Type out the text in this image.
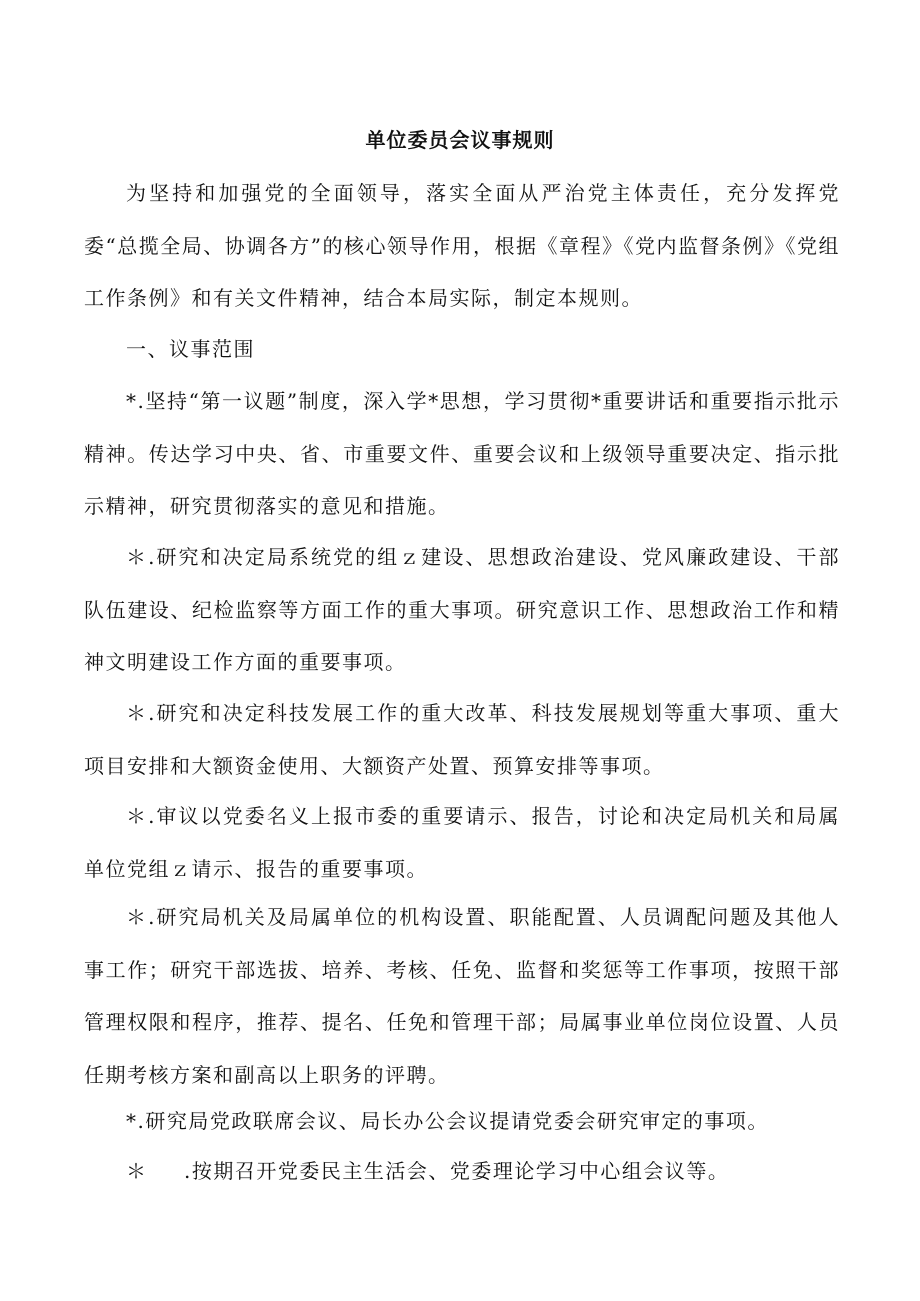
单位委员会议事规则

为坚持和加强党的全面领导，落实全面从严治党主体责任，充分发挥党委“总揽全局、协调各方”的核心领导作用，根据《章程》《党内监督条例》《党组工作条例》和有关文件精神，结合本局实际，制定本规则。

一、议事范围

*.坚持“第一议题”制度，深入学*思想，学习贯彻*重要讲话和重要指示批示精神。传达学习中央、省、市重要文件、重要会议和上级领导重要决定、指示批示精神，研究贯彻落实的意见和措施。

＊.研究和决定局系统党的组ｚ建设、思想政治建设、党风廉政建设、干部队伍建设、纪检监察等方面工作的重大事项。研究意识工作、思想政治工作和精神文明建设工作方面的重要事项。

＊.研究和决定科技发展工作的重大改革、科技发展规划等重大事项、重大项目安排和大额资金使用、大额资产处置、预算安排等事项。

＊.审议以党委名义上报市委的重要请示、报告，讨论和决定局机关和局属单位党组ｚ请示、报告的重要事项。

＊.研究局机关及局属单位的机构设置、职能配置、人员调配问题及其他人事工作；研究干部选拔、培养、考核、任免、监督和奖惩等工作事项，按照干部管理权限和程序，推荐、提名、任免和管理干部；局属事业单位岗位设置、人员任期考核方案和副高以上职务的评聘。

*.研究局党政联席会议、局长办公会议提请党委会研究审定的事项。

＊ .按期召开党委民主生活会、党委理论学习中心组会议等。
